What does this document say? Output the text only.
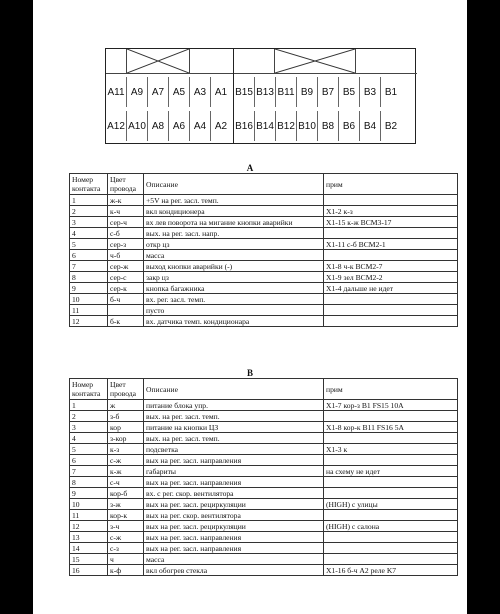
A11 A9 A7 A5 A3 A1
A12 A10 A8 A6 A4 A2
B15 B13 B11 B9 B7 B5 B3 B1
B16 B14 B12 B10 B8 B6 B4 B2
A
Номер контакта	Цвет провода	Описание	прим
1	ж-к	+5V на рег. засл. темп.	
2	к-ч	вкл кондиционера	X1-2 к-з
3	сер-ч	вх лев поворота на мигание кнопки аварийки	X1-15 к-ж ВСМ3-17
4	с-б	вых. на рег. засл. напр.	
5	сер-з	откр цз	X1-11 с-б ВСМ2-1
6	ч-б	масса	
7	сер-ж	выход кнопки аварийки (-)	X1-8 ч-к ВСМ2-7
8	сер-с	закр цз	X1-9 зел ВСМ2-2
9	сер-к	кнопка багажника	X1-4 дальше не идет
10	б-ч	вх. рег. засл. темп.	
11		пусто	
12	б-к	вх. датчика темп. кондиционара	
B
Номер контакта	Цвет провода	Описание	прим
1	ж	питание блока упр.	X1-7 кор-з B1 FS15 10A
2	з-б	вых. на рег. засл. темп.	
3	кор	питание на кнопки ЦЗ	X1-8 кор-к B11 FS16 5A
4	з-кор	вых. на рег. засл. темп.	
5	к-з	подсветка	X1-3 к
6	с-ж	вых на рег. засл. направления	
7	к-ж	габариты	на схему не идет
8	с-ч	вых на рег. засл. направления	
9	кор-б	вх. с рег. скор. вентилятора	
10	з-ж	вых на рег. засл. рециркуляции	(HIGH) с улицы
11	кор-к	вых на рег. скор. вентилятора	
12	з-ч	вых на рег. засл. рециркуляции	(HIGH) с салона
13	с-ж	вых на рег. засл. направления	
14	с-з	вых на рег. засл. направления	
15	ч	масса	
16	к-ф	вкл обогрев стекла	X1-16 б-ч A2 реле K7
